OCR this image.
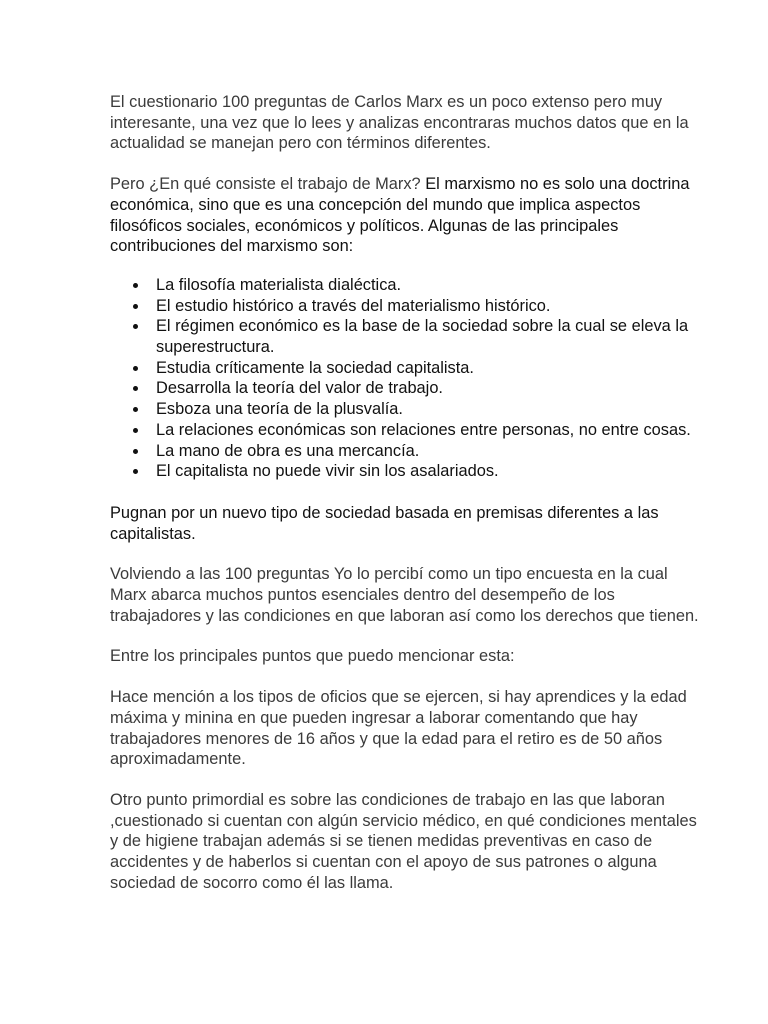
El cuestionario 100 preguntas de Carlos Marx es un poco extenso pero muy interesante, una vez que lo lees y analizas encontraras muchos datos que en la actualidad se manejan pero con términos diferentes.

Pero ¿En qué consiste el trabajo de Marx? El marxismo no es solo una doctrina económica, sino que es una concepción del mundo que implica aspectos filosóficos sociales, económicos y políticos. Algunas de las principales contribuciones del marxismo son:

La filosofía materialista dialéctica.
El estudio histórico a través del materialismo histórico.
El régimen económico es la base de la sociedad sobre la cual se eleva la superestructura.
Estudia críticamente la sociedad capitalista.
Desarrolla la teoría del valor de trabajo.
Esboza una teoría de la plusvalía.
La relaciones económicas son relaciones entre personas, no entre cosas.
La mano de obra es una mercancía.
El capitalista no puede vivir sin los asalariados.

Pugnan por un nuevo tipo de sociedad basada en premisas diferentes a las capitalistas.

Volviendo a las 100 preguntas Yo lo percibí como un tipo encuesta en la cual Marx abarca muchos puntos esenciales dentro del desempeño de los trabajadores y las condiciones en que laboran así como los derechos que tienen.

Entre los principales puntos que puedo mencionar esta:

Hace mención a los tipos de oficios que se ejercen, si hay aprendices y la edad máxima y minina en que pueden ingresar a laborar comentando que hay trabajadores menores de 16 años y que la edad para el retiro es de 50 años aproximadamente.

Otro punto primordial es sobre las condiciones de trabajo en las que laboran ,cuestionado si cuentan con algún servicio médico, en qué condiciones mentales y de higiene trabajan además si se tienen medidas preventivas en caso de accidentes y de haberlos si cuentan con el apoyo de sus patrones o alguna sociedad de socorro como él las llama.
